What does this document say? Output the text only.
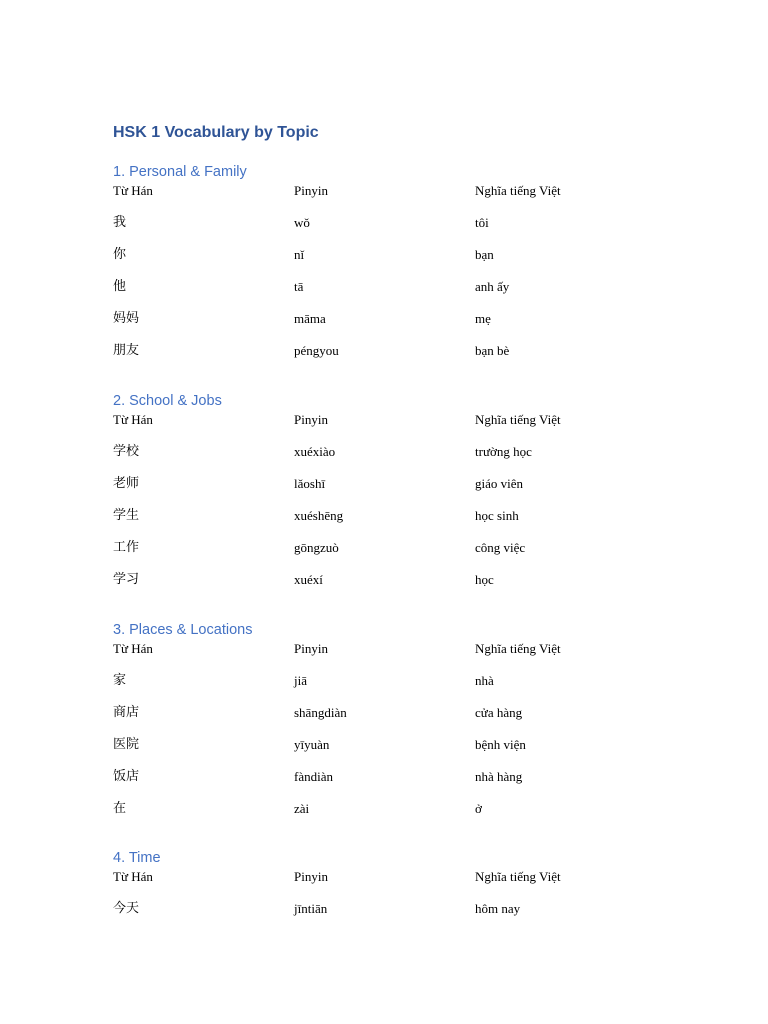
HSK 1 Vocabulary by Topic
1. Personal & Family
Từ Hán	Pinyin	Nghĩa tiếng Việt
我	wǒ	tôi
你	nǐ	bạn
他	tā	anh ấy
妈妈	māma	mẹ
朋友	péngyou	bạn bè
2. School & Jobs
Từ Hán	Pinyin	Nghĩa tiếng Việt
学校	xuéxiào	trường học
老师	lǎoshī	giáo viên
学生	xuéshēng	học sinh
工作	gōngzuò	công việc
学习	xuéxí	học
3. Places & Locations
Từ Hán	Pinyin	Nghĩa tiếng Việt
家	jiā	nhà
商店	shāngdiàn	cửa hàng
医院	yīyuàn	bệnh viện
饭店	fàndiàn	nhà hàng
在	zài	ở
4. Time
Từ Hán	Pinyin	Nghĩa tiếng Việt
今天	jīntiān	hôm nay
